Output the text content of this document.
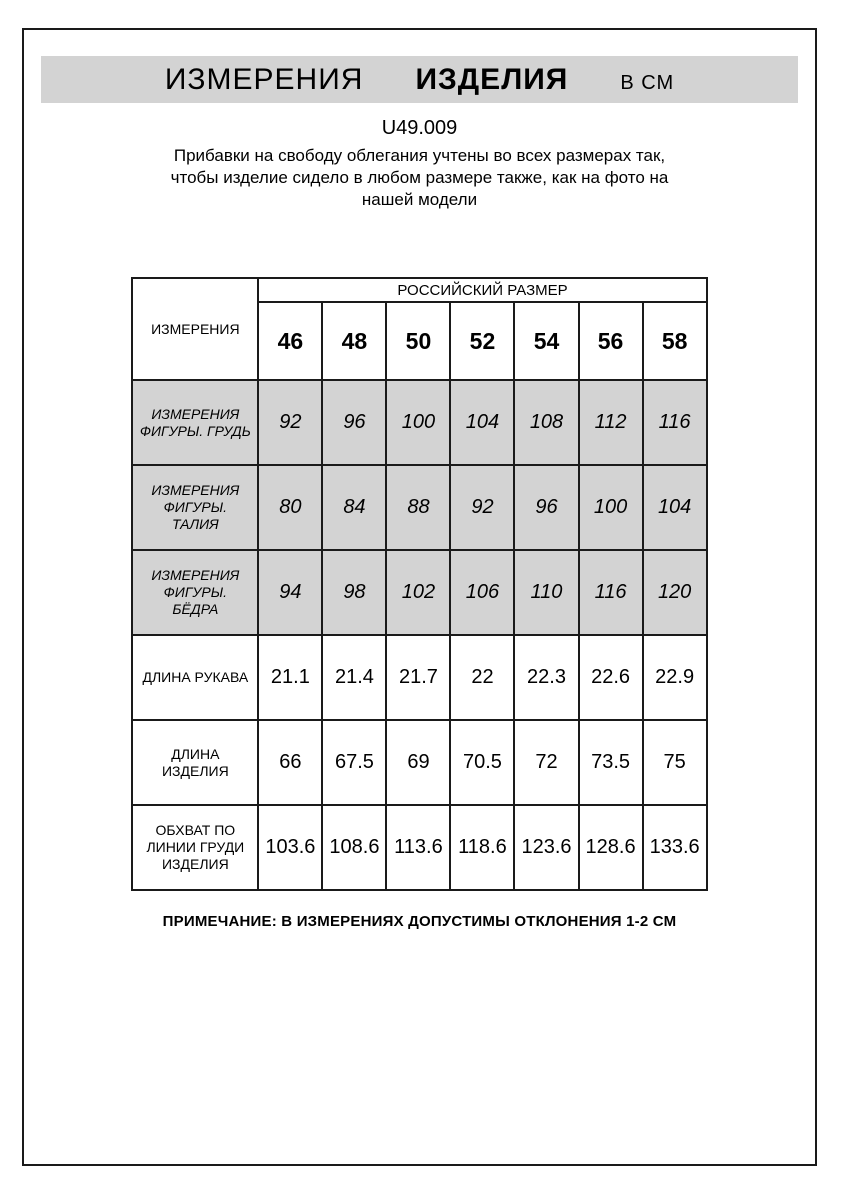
ИЗМЕРЕНИЯ ИЗДЕЛИЯ	В СМ
U49.009
Прибавки на свободу облегания учтены во всех размерах так,
чтобы изделие сидело в любом размере также, как на фото на
нашей модели
ИЗМЕРЕНИЯ	РОССИЙСКИЙ РАЗМЕР						
	46	48	50	52	54	56	58
ИЗМЕРЕНИЯ ФИГУРЫ. ГРУДЬ	92	96	100	104	108	112	116
ИЗМЕРЕНИЯ ФИГУРЫ. ТАЛИЯ	80	84	88	92	96	100	104
ИЗМЕРЕНИЯ ФИГУРЫ. БЁДРА	94	98	102	106	110	116	120
ДЛИНА РУКАВА	21.1	21.4	21.7	22	22.3	22.6	22.9
ДЛИНА ИЗДЕЛИЯ	66	67.5	69	70.5	72	73.5	75
ОБХВАТ ПО ЛИНИИ ГРУДИ ИЗДЕЛИЯ	103.6	108.6	113.6	118.6	123.6	128.6	133.6
ПРИМЕЧАНИЕ: В ИЗМЕРЕНИЯХ ДОПУСТИМЫ ОТКЛОНЕНИЯ 1-2 СМ
